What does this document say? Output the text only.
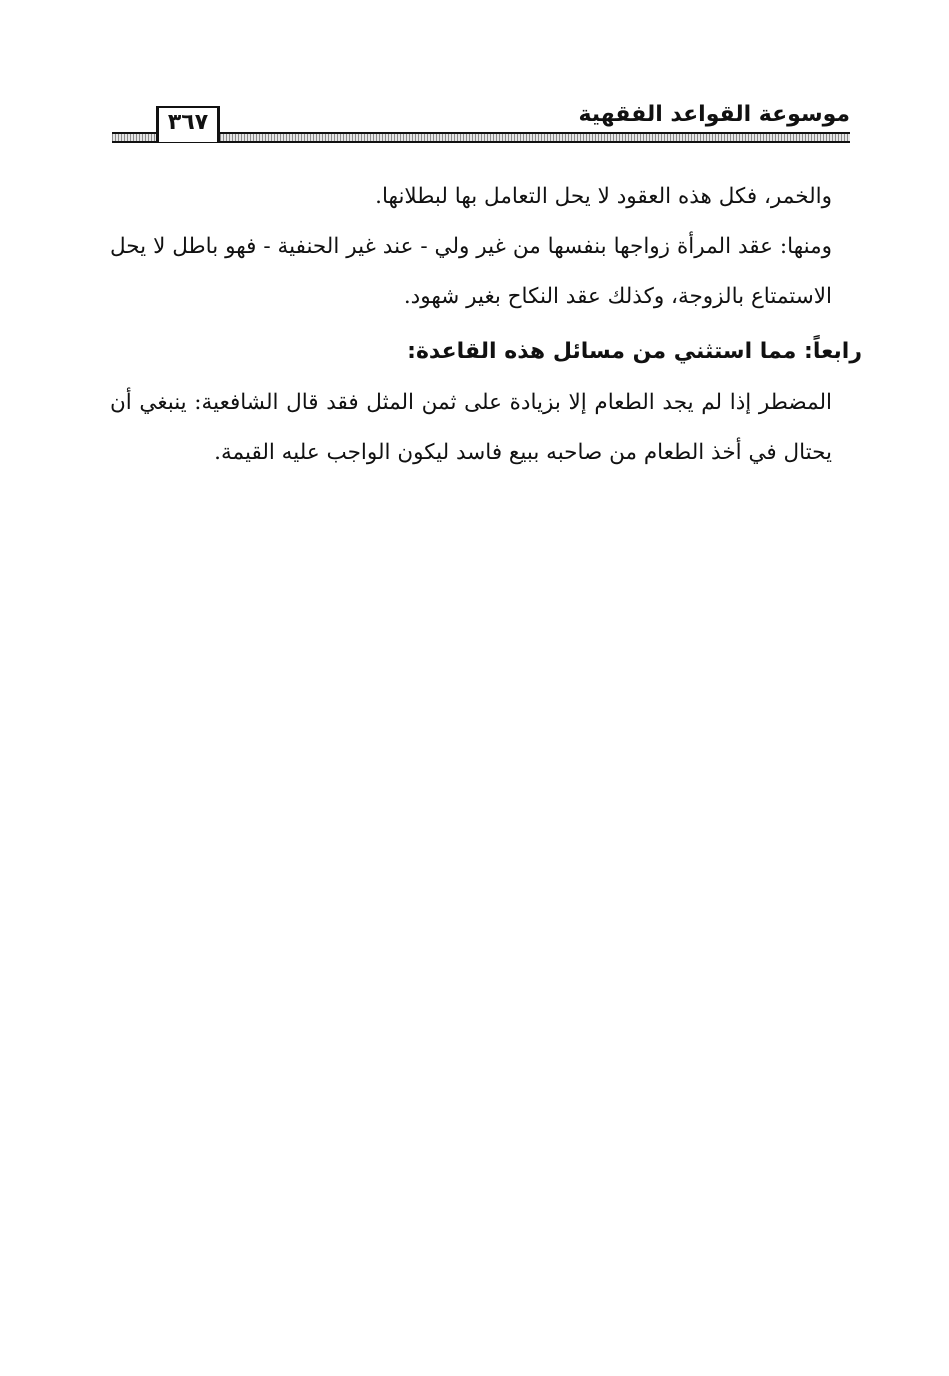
موسوعة القواعد الفقهية
٣٦٧

والخمر، فكل هذه العقود لا يحل التعامل بها لبطلانها.

ومنها: عقد المرأة زواجها بنفسها من غير ولي - عند غير الحنفية - فهو باطل لا يحل الاستمتاع بالزوجة، وكذلك عقد النكاح بغير شهود.

رابعاً: مما استثني من مسائل هذه القاعدة:

المضطر إذا لم يجد الطعام إلا بزيادة على ثمن المثل فقد قال الشافعية: ينبغي أن يحتال في أخذ الطعام من صاحبه ببيع فاسد ليكون الواجب عليه القيمة.
